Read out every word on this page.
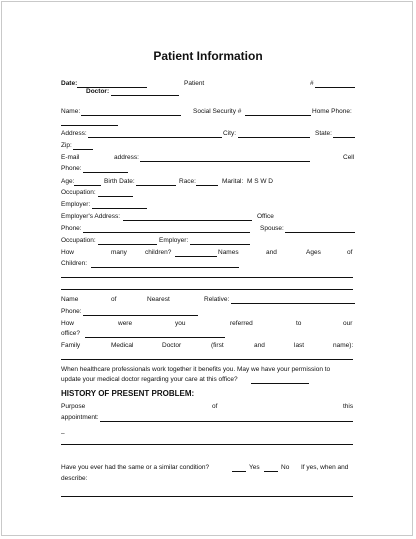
Patient Information
Date:	Patient	#
Doctor:
Name:	Social Security #	Home Phone:
Address:	City:	State:
Zip:
E-mail	address:	Cell
Phone:
Age:	Birth Date:	Race:	Marital: M S W D
Occupation:
Employer:
Employer's Address:	Office
Phone:	Spouse:
Occupation:	Employer:
How	many	children?	Names	and	Ages	of
Children:
Name	of	Nearest	Relative:
Phone:
How	were	you	referred	to	our
office?
Family	Medical	Doctor	(first	and	last	name):
When healthcare professionals work together it benefits you. May we have your permission to
update your medical doctor regarding your care at this office?
HISTORY OF PRESENT PROBLEM:
Purpose	of	this
appointment:
–
Have you ever had the same or a similar condition?	Yes	No If yes, when and
describe:
